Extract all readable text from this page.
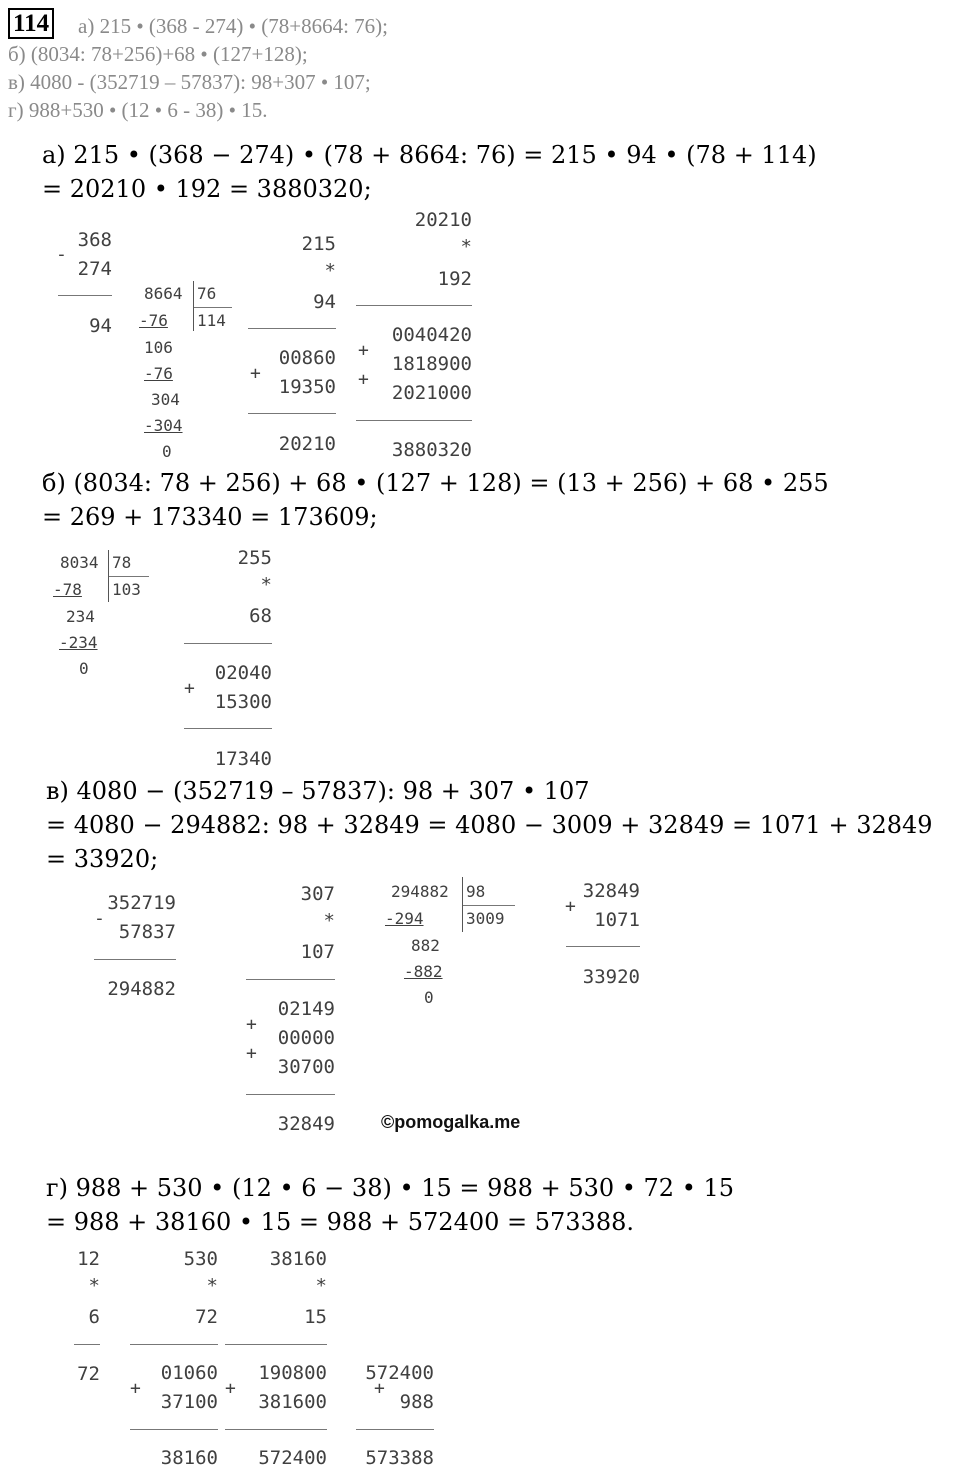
114 а) 215 • (368 - 274) • (78+8664: 76);
б) (8034: 78+256)+68 • (127+128);
в) 4080 - (352719 – 57837): 98+307 • 107;
г) 988+530 • (12 • 6 - 38) • 15.
а) 215 • (368 − 274) • (78 + 8664: 76) = 215 • 94 • (78 + 114)
= 20210 • 192 = 3880320;
368
-
274
94
8664 76
114
-76
106
-76
304
-304
0
215
*
94
+
00860
19350
20210
20210
*
192
+
+
0040420
1818900
2021000
3880320
б) (8034: 78 + 256) + 68 • (127 + 128) = (13 + 256) + 68 • 255
= 269 + 173340 = 173609;
8034 78
103
-78
234
-234
0
255
*
68
+
02040
15300
17340
в) 4080 − (352719 – 57837): 98 + 307 • 107
= 4080 − 294882: 98 + 32849 = 4080 − 3009 + 32849 = 1071 + 32849
= 33920;
352719
-
57837
294882
307
*
107
+
+
02149
00000
30700
32849
294882 98
3009
-294
882
-882
0
32849
+
1071
33920
©pomogalka.me
г) 988 + 530 • (12 • 6 − 38) • 15 = 988 + 530 • 72 • 15
= 988 + 38160 • 15 = 988 + 572400 = 573388.
12
*
6
72
530
*
72
+
01060
37100
38160
38160
*
15
+
190800
381600
572400
572400
+
988
573388
